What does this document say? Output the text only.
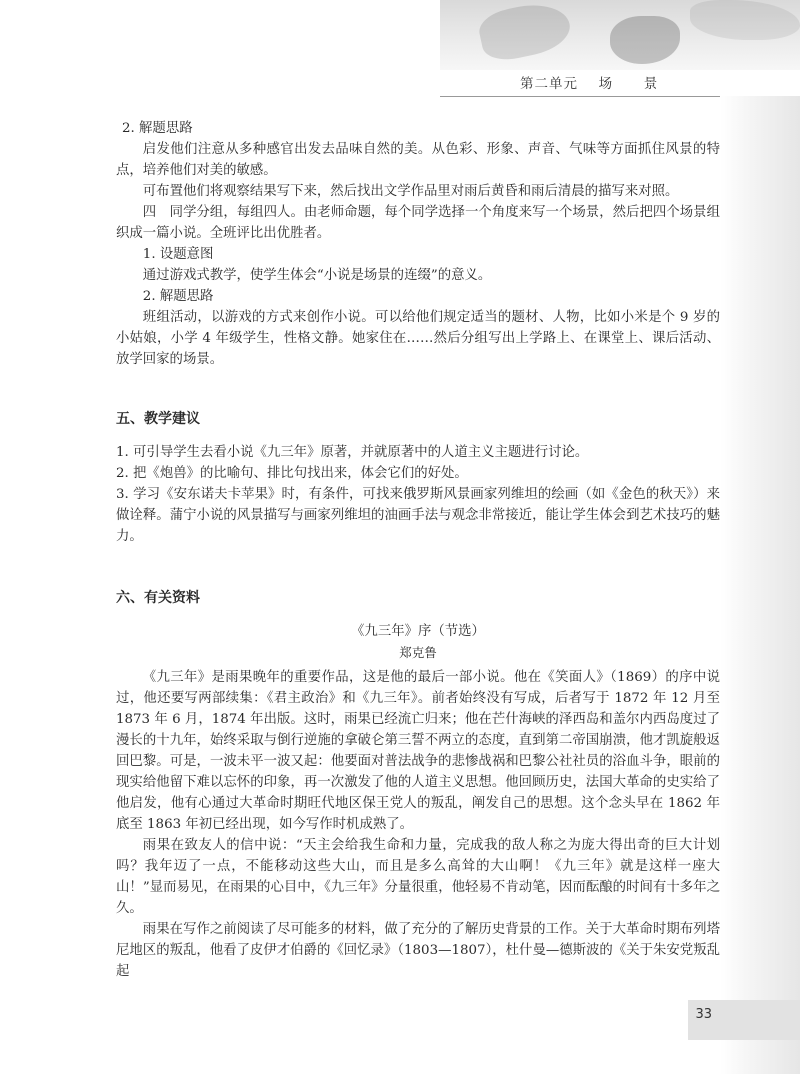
第二单元 场 景

2. 解题思路

启发他们注意从多种感官出发去品味自然的美。从色彩、形象、声音、气味等方面抓住风景的特点，培养他们对美的敏感。

可布置他们将观察结果写下来，然后找出文学作品里对雨后黄昏和雨后清晨的描写来对照。

四　同学分组，每组四人。由老师命题，每个同学选择一个角度来写一个场景，然后把四个场景组织成一篇小说。全班评比出优胜者。

1. 设题意图

通过游戏式教学，使学生体会“小说是场景的连缀”的意义。

2. 解题思路

班组活动，以游戏的方式来创作小说。可以给他们规定适当的题材、人物，比如小米是个 9 岁的小姑娘，小学 4 年级学生，性格文静。她家住在……然后分组写出上学路上、在课堂上、课后活动、放学回家的场景。

五、教学建议

1. 可引导学生去看小说《九三年》原著，并就原著中的人道主义主题进行讨论。

2. 把《炮兽》的比喻句、排比句找出来，体会它们的好处。

3. 学习《安东诺夫卡苹果》时，有条件，可找来俄罗斯风景画家列维坦的绘画（如《金色的秋天》）来做诠释。蒲宁小说的风景描写与画家列维坦的油画手法与观念非常接近，能让学生体会到艺术技巧的魅力。

六、有关资料

《九三年》序（节选）

郑克鲁

《九三年》是雨果晚年的重要作品，这是他的最后一部小说。他在《笑面人》（1869）的序中说过，他还要写两部续集：《君主政治》和《九三年》。前者始终没有写成，后者写于 1872 年 12 月至 1873 年 6 月，1874 年出版。这时，雨果已经流亡归来；他在芒什海峡的泽西岛和盖尔内西岛度过了漫长的十九年，始终采取与倒行逆施的拿破仑第三誓不两立的态度，直到第二帝国崩溃，他才凯旋般返回巴黎。可是，一波未平一波又起：他要面对普法战争的悲惨战祸和巴黎公社社员的浴血斗争，眼前的现实给他留下难以忘怀的印象，再一次激发了他的人道主义思想。他回顾历史，法国大革命的史实给了他启发，他有心通过大革命时期旺代地区保王党人的叛乱，阐发自己的思想。这个念头早在 1862 年底至 1863 年初已经出现，如今写作时机成熟了。

雨果在致友人的信中说：“天主会给我生命和力量，完成我的敌人称之为庞大得出奇的巨大计划吗？我年迈了一点，不能移动这些大山，而且是多么高耸的大山啊！《九三年》就是这样一座大山！”显而易见，在雨果的心目中，《九三年》分量很重，他轻易不肯动笔，因而酝酿的时间有十多年之久。

雨果在写作之前阅读了尽可能多的材料，做了充分的了解历史背景的工作。关于大革命时期布列塔尼地区的叛乱，他看了皮伊才伯爵的《回忆录》（1803—1807），杜什曼—德斯波的《关于朱安党叛乱起

33
